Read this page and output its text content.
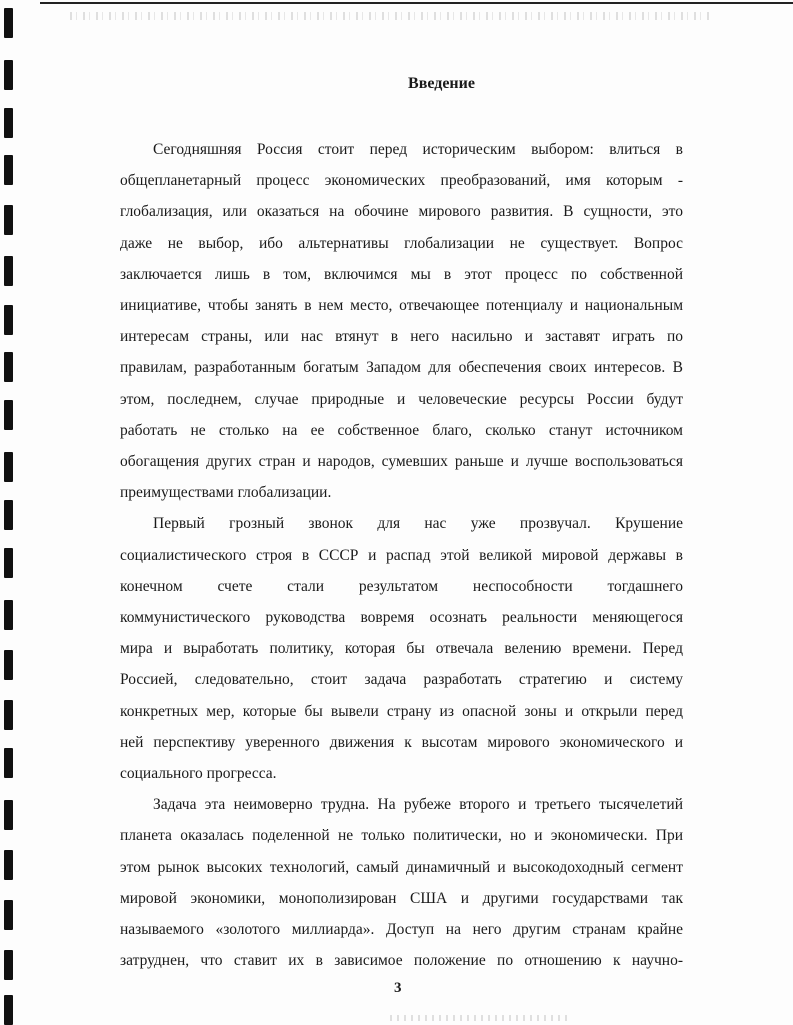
Введение
Сегодняшняя Россия стоит перед историческим выбором: влиться в
общепланетарный процесс экономических преобразований, имя которым -
глобализация, или оказаться на обочине мирового развития. В сущности, это
даже не выбор, ибо альтернативы глобализации не существует. Вопрос
заключается лишь в том, включимся мы в этот процесс по собственной
инициативе, чтобы занять в нем место, отвечающее потенциалу и национальным
интересам страны, или нас втянут в него насильно и заставят играть по
правилам, разработанным богатым Западом для обеспечения своих интересов. В
этом, последнем, случае природные и человеческие ресурсы России будут
работать не столько на ее собственное благо, сколько станут источником
обогащения других стран и народов, сумевших раньше и лучше воспользоваться
преимуществами глобализации.
Первый грозный звонок для нас уже прозвучал. Крушение
социалистического строя в СССР и распад этой великой мировой державы в
конечном счете стали результатом неспособности тогдашнего
коммунистического руководства вовремя осознать реальности меняющегося
мира и выработать политику, которая бы отвечала велению времени. Перед
Россией, следовательно, стоит задача разработать стратегию и систему
конкретных мер, которые бы вывели страну из опасной зоны и открыли перед
ней перспективу уверенного движения к высотам мирового экономического и
социального прогресса.
Задача эта неимоверно трудна. На рубеже второго и третьего тысячелетий
планета оказалась поделенной не только политически, но и экономически. При
этом рынок высоких технологий, самый динамичный и высокодоходный сегмент
мировой экономики, монополизирован США и другими государствами так
называемого «золотого миллиарда». Доступ на него другим странам крайне
затруднен, что ставит их в зависимое положение по отношению к научно-
3
